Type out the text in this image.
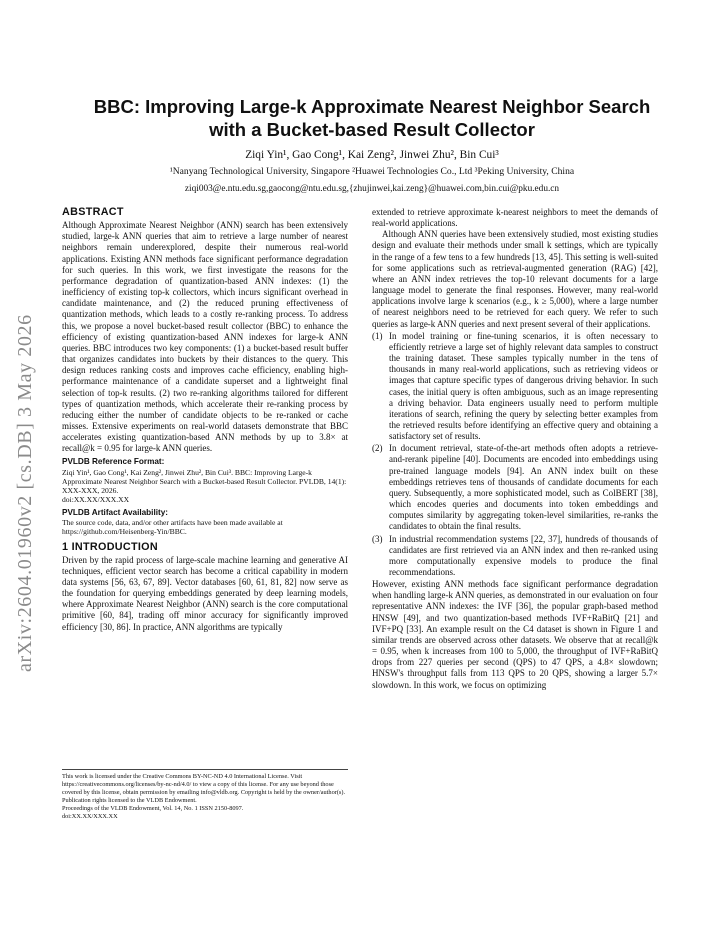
arXiv:2604.01960v2 [cs.DB] 3 May 2026
BBC: Improving Large-k Approximate Nearest Neighbor Search
with a Bucket-based Result Collector
Ziqi Yin¹, Gao Cong¹, Kai Zeng², Jinwei Zhu², Bin Cui³
¹Nanyang Technological University, Singapore ²Huawei Technologies Co., Ltd ³Peking University, China
ziqi003@e.ntu.edu.sg,gaocong@ntu.edu.sg,{zhujinwei,kai.zeng}@huawei.com,bin.cui@pku.edu.cn
ABSTRACT

Although Approximate Nearest Neighbor (ANN) search has been extensively studied, large-k ANN queries that aim to retrieve a large number of nearest neighbors remain underexplored, despite their numerous real-world applications. Existing ANN methods face significant performance degradation for such queries. In this work, we first investigate the reasons for the performance degradation of quantization-based ANN indexes: (1) the inefficiency of existing top-k collectors, which incurs significant overhead in candidate maintenance, and (2) the reduced pruning effectiveness of quantization methods, which leads to a costly re-ranking process. To address this, we propose a novel bucket-based result collector (BBC) to enhance the efficiency of existing quantization-based ANN indexes for large-k ANN queries. BBC introduces two key components: (1) a bucket-based result buffer that organizes candidates into buckets by their distances to the query. This design reduces ranking costs and improves cache efficiency, enabling high-performance maintenance of a candidate superset and a lightweight final selection of top-k results. (2) two re-ranking algorithms tailored for different types of quantization methods, which accelerate their re-ranking process by reducing either the number of candidate objects to be re-ranked or cache misses. Extensive experiments on real-world datasets demonstrate that BBC accelerates existing quantization-based ANN methods by up to 3.8× at recall@k = 0.95 for large-k ANN queries.

PVLDB Reference Format:

Ziqi Yin¹, Gao Cong¹, Kai Zeng², Jinwei Zhu², Bin Cui³. BBC: Improving Large-k Approximate Nearest Neighbor Search with a Bucket-based Result Collector. PVLDB, 14(1): XXX-XXX, 2026.

doi:XX.XX/XXX.XX

PVLDB Artifact Availability:

The source code, data, and/or other artifacts have been made available at https://github.com/Heisenberg-Yin/BBC.

1 INTRODUCTION

Driven by the rapid process of large-scale machine learning and generative AI techniques, efficient vector search has become a critical capability in modern data systems [56, 63, 67, 89]. Vector databases [60, 61, 81, 82] now serve as the foundation for querying embeddings generated by deep learning models, where Approximate Nearest Neighbor (ANN) search is the core computational primitive [60, 84], trading off minor accuracy for significantly improved efficiency [30, 86]. In practice, ANN algorithms are typically

This work is licensed under the Creative Commons BY-NC-ND 4.0 International License. Visit https://creativecommons.org/licenses/by-nc-nd/4.0/ to view a copy of this license. For any use beyond those covered by this license, obtain permission by emailing info@vldb.org. Copyright is held by the owner/author(s). Publication rights licensed to the VLDB Endowment.

Proceedings of the VLDB Endowment, Vol. 14, No. 1 ISSN 2150-8097.

doi:XX.XX/XXX.XX

extended to retrieve approximate k-nearest neighbors to meet the demands of real-world applications.

Although ANN queries have been extensively studied, most existing studies design and evaluate their methods under small k settings, which are typically in the range of a few tens to a few hundreds [13, 45]. This setting is well-suited for some applications such as retrieval-augmented generation (RAG) [42], where an ANN index retrieves the top-10 relevant documents for a large language model to generate the final responses. However, many real-world applications involve large k scenarios (e.g., k ≥ 5,000), where a large number of nearest neighbors need to be retrieved for each query. We refer to such queries as large-k ANN queries and next present several of their applications.

(1) In model training or fine-tuning scenarios, it is often necessary to efficiently retrieve a large set of highly relevant data samples to construct the training dataset. These samples typically number in the tens of thousands in many real-world applications, such as retrieving videos or images that capture specific types of dangerous driving behavior. In such cases, the initial query is often ambiguous, such as an image representing a driving behavior. Data engineers usually need to perform multiple iterations of search, refining the query by selecting better examples from the retrieved results before identifying an effective query and obtaining a satisfactory set of results.
(2) In document retrieval, state-of-the-art methods often adopts a retrieve-and-rerank pipeline [40]. Documents are encoded into embeddings using pre-trained language models [94]. An ANN index built on these embeddings retrieves tens of thousands of candidate documents for each query. Subsequently, a more sophisticated model, such as ColBERT [38], which encodes queries and documents into token embeddings and computes similarity by aggregating token-level similarities, re-ranks the candidates to obtain the final results.
(3) In industrial recommendation systems [22, 37], hundreds of thousands of candidates are first retrieved via an ANN index and then re-ranked using more computationally expensive models to produce the final recommendations.

However, existing ANN methods face significant performance degradation when handling large-k ANN queries, as demonstrated in our evaluation on four representative ANN indexes: the IVF [36], the popular graph-based method HNSW [49], and two quantization-based methods IVF+RaBitQ [21] and IVF+PQ [33]. An example result on the C4 dataset is shown in Figure 1 and similar trends are observed across other datasets. We observe that at recall@k = 0.95, when k increases from 100 to 5,000, the throughput of IVF+RaBitQ drops from 227 queries per second (QPS) to 47 QPS, a 4.8× slowdown; HNSW's throughput falls from 113 QPS to 20 QPS, showing a larger 5.7× slowdown. In this work, we focus on optimizing
